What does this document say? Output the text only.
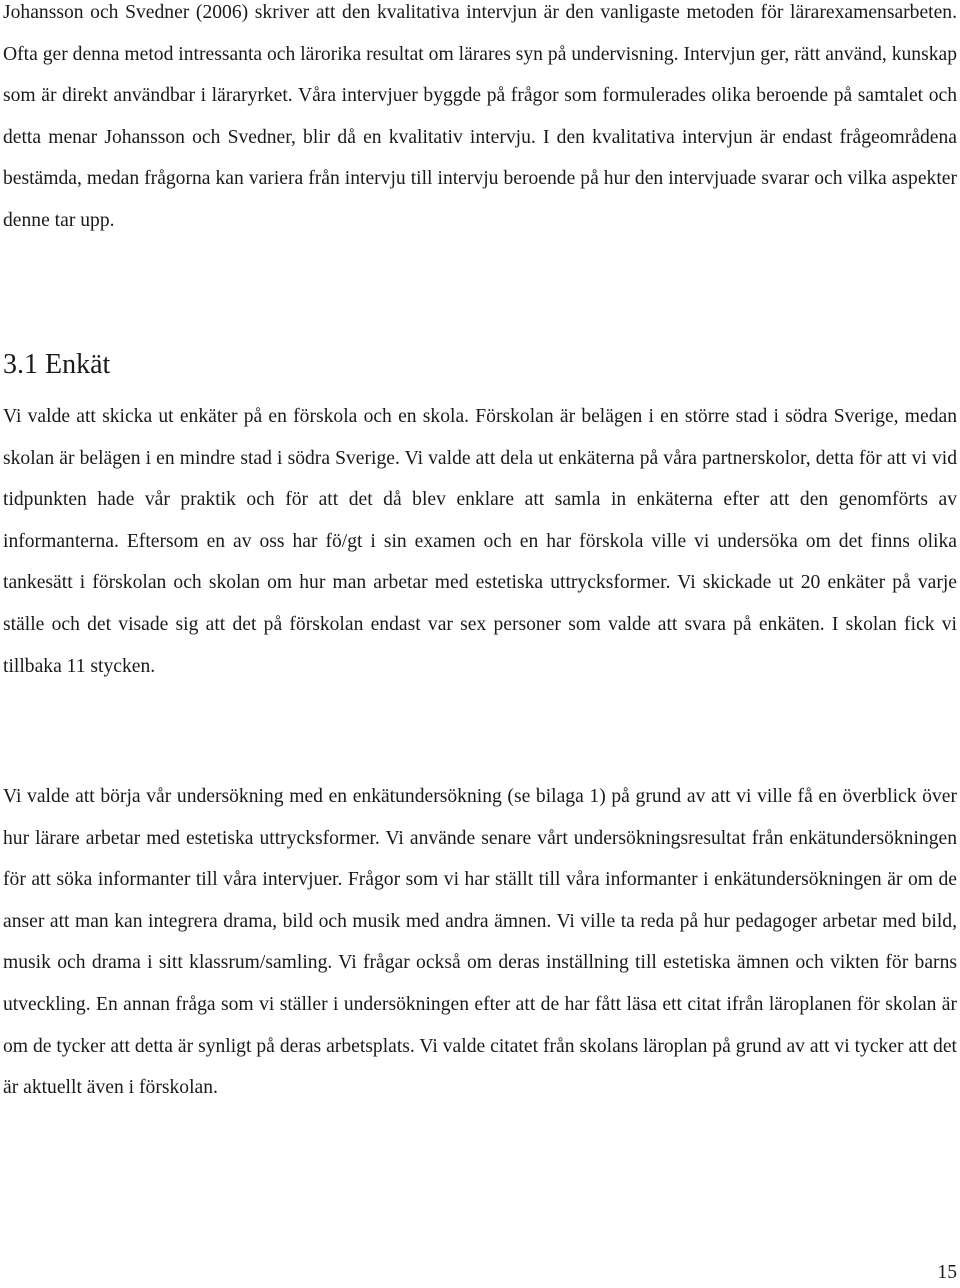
Johansson och Svedner (2006) skriver att den kvalitativa intervjun är den vanligaste metoden för lärarexamensarbeten. Ofta ger denna metod intressanta och lärorika resultat om lärares syn på undervisning. Intervjun ger, rätt använd, kunskap som är direkt användbar i läraryrket. Våra intervjuer byggde på frågor som formulerades olika beroende på samtalet och detta menar Johansson och Svedner, blir då en kvalitativ intervju. I den kvalitativa intervjun är endast frågeområdena bestämda, medan frågorna kan variera från intervju till intervju beroende på hur den intervjuade svarar och vilka aspekter denne tar upp.

3.1 Enkät

Vi valde att skicka ut enkäter på en förskola och en skola. Förskolan är belägen i en större stad i södra Sverige, medan skolan är belägen i en mindre stad i södra Sverige. Vi valde att dela ut enkäterna på våra partnerskolor, detta för att vi vid tidpunkten hade vår praktik och för att det då blev enklare att samla in enkäterna efter att den genomförts av informanterna. Eftersom en av oss har fö/gt i sin examen och en har förskola ville vi undersöka om det finns olika tankesätt i förskolan och skolan om hur man arbetar med estetiska uttrycksformer. Vi skickade ut 20 enkäter på varje ställe och det visade sig att det på förskolan endast var sex personer som valde att svara på enkäten. I skolan fick vi tillbaka 11 stycken.

Vi valde att börja vår undersökning med en enkätundersökning (se bilaga 1) på grund av att vi ville få en överblick över hur lärare arbetar med estetiska uttrycksformer. Vi använde senare vårt undersökningsresultat från enkätundersökningen för att söka informanter till våra intervjuer. Frågor som vi har ställt till våra informanter i enkätundersökningen är om de anser att man kan integrera drama, bild och musik med andra ämnen. Vi ville ta reda på hur pedagoger arbetar med bild, musik och drama i sitt klassrum/samling. Vi frågar också om deras inställning till estetiska ämnen och vikten för barns utveckling. En annan fråga som vi ställer i undersökningen efter att de har fått läsa ett citat ifrån läroplanen för skolan är om de tycker att detta är synligt på deras arbetsplats. Vi valde citatet från skolans läroplan på grund av att vi tycker att det är aktuellt även i förskolan.

15
